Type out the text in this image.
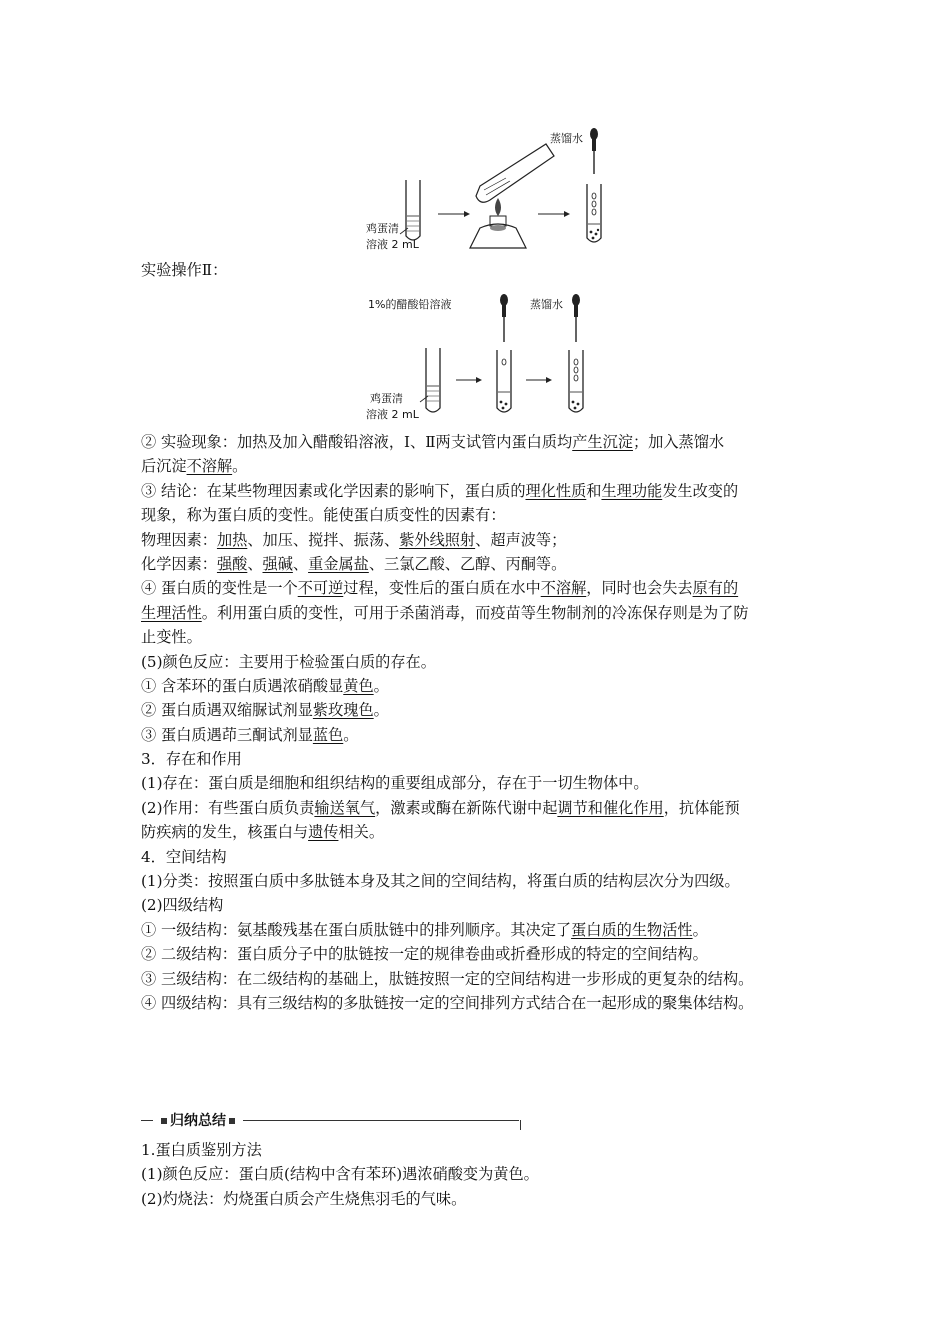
鸡蛋清
溶液 2 mL
蒸馏水
实验操作Ⅱ：
1%的醋酸铅溶液	蒸馏水
鸡蛋清
溶液 2 mL
② 实验现象：加热及加入醋酸铅溶液，Ⅰ、Ⅱ两支试管内蛋白质均产生沉淀；加入蒸馏水
后沉淀不溶解。
③ 结论：在某些物理因素或化学因素的影响下，蛋白质的理化性质和生理功能发生改变的
现象，称为蛋白质的变性。能使蛋白质变性的因素有：
物理因素：加热、加压、搅拌、振荡、紫外线照射、超声波等；
化学因素：强酸、强碱、重金属盐、三氯乙酸、乙醇、丙酮等。
④ 蛋白质的变性是一个不可逆过程，变性后的蛋白质在水中不溶解，同时也会失去原有的
生理活性。利用蛋白质的变性，可用于杀菌消毒，而疫苗等生物制剂的冷冻保存则是为了防
止变性。
(5)颜色反应：主要用于检验蛋白质的存在。
① 含苯环的蛋白质遇浓硝酸显黄色。
② 蛋白质遇双缩脲试剂显紫玫瑰色。
③ 蛋白质遇茚三酮试剂显蓝色。
3．存在和作用
(1)存在：蛋白质是细胞和组织结构的重要组成部分，存在于一切生物体中。
(2)作用：有些蛋白质负责输送氧气，激素或酶在新陈代谢中起调节和催化作用，抗体能预
防疾病的发生，核蛋白与遗传相关。
4．空间结构
(1)分类：按照蛋白质中多肽链本身及其之间的空间结构，将蛋白质的结构层次分为四级。
(2)四级结构
① 一级结构：氨基酸残基在蛋白质肽链中的排列顺序。其决定了蛋白质的生物活性。
② 二级结构：蛋白质分子中的肽链按一定的规律卷曲或折叠形成的特定的空间结构。
③ 三级结构：在二级结构的基础上，肽链按照一定的空间结构进一步形成的更复杂的结构。
④ 四级结构：具有三级结构的多肽链按一定的空间排列方式结合在一起形成的聚集体结构。
归纳总结
1.蛋白质鉴别方法
(1)颜色反应：蛋白质(结构中含有苯环)遇浓硝酸变为黄色。
(2)灼烧法：灼烧蛋白质会产生烧焦羽毛的气味。
